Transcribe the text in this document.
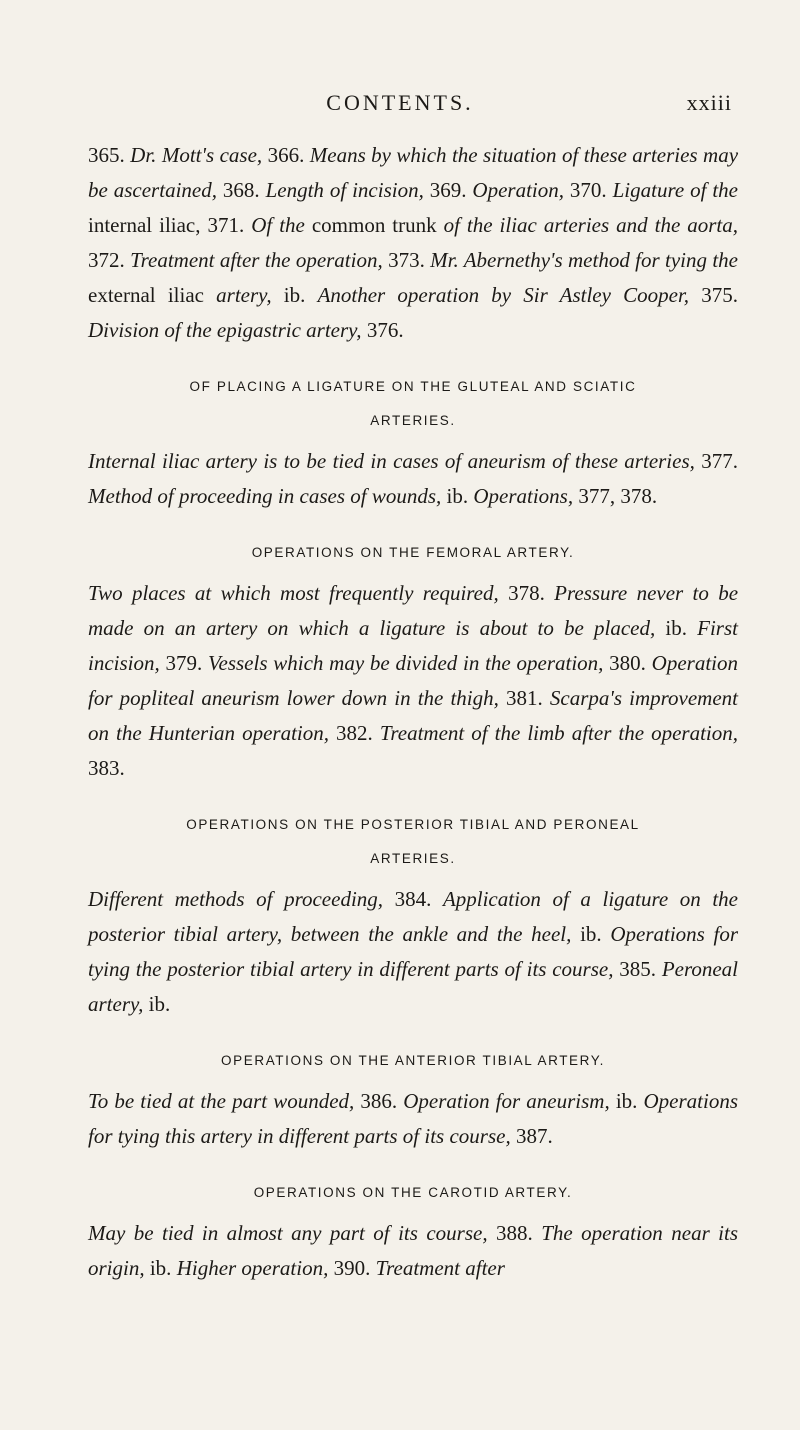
CONTENTS.	xxiii

365. Dr. Mott's case, 366. Means by which the situation of these arteries may be ascertained, 368. Length of incision, 369. Operation, 370. Ligature of the internal iliac, 371. Of the common trunk of the iliac arteries and the aorta, 372. Treatment after the operation, 373. Mr. Abernethy's method for tying the external iliac artery, ib. Another operation by Sir Astley Cooper, 375. Division of the epigastric artery, 376.

OF PLACING A LIGATURE ON THE GLUTEAL AND SCIATIC
ARTERIES.

Internal iliac artery is to be tied in cases of aneurism of these arteries, 377. Method of proceeding in cases of wounds, ib. Operations, 377, 378.

OPERATIONS ON THE FEMORAL ARTERY.

Two places at which most frequently required, 378. Pressure never to be made on an artery on which a ligature is about to be placed, ib. First incision, 379. Vessels which may be divided in the operation, 380. Operation for popliteal aneurism lower down in the thigh, 381. Scarpa's improvement on the Hunterian operation, 382. Treatment of the limb after the operation, 383.

OPERATIONS ON THE POSTERIOR TIBIAL AND PERONEAL
ARTERIES.

Different methods of proceeding, 384. Application of a ligature on the posterior tibial artery, between the ankle and the heel, ib. Operations for tying the posterior tibial artery in different parts of its course, 385. Peroneal artery, ib.

OPERATIONS ON THE ANTERIOR TIBIAL ARTERY.

To be tied at the part wounded, 386. Operation for aneurism, ib. Operations for tying this artery in different parts of its course, 387.

OPERATIONS ON THE CAROTID ARTERY.

May be tied in almost any part of its course, 388. The operation near its origin, ib. Higher operation, 390. Treatment after
